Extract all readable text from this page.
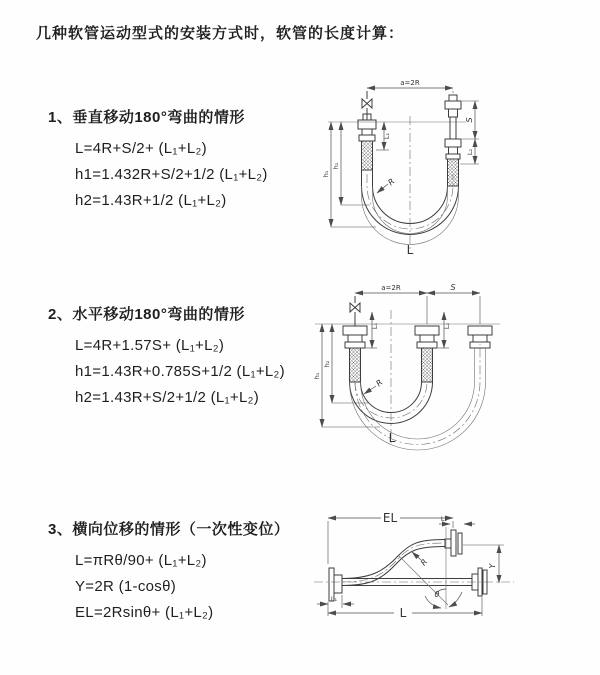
几种软管运动型式的安装方式时，软管的长度计算：

1、垂直移动180°弯曲的情形

L=4R+S/2+ (L₁+L₂)
h1=1.432R+S/2+1/2 (L₁+L₂)
h2=1.43R+1/2 (L₁+L₂)

2、水平移动180°弯曲的情形

L=4R+1.57S+ (L₁+L₂)
h1=1.43R+0.785S+1/2 (L₁+L₂)
h2=1.43R+S/2+1/2 (L₁+L₂)

3、横向位移的情形（一次性变位）

L=πRθ/90+ (L₁+L₂)
Y=2R (1-cosθ)
EL=2Rsinθ+ (L₁+L₂)
a=2R
L₁
S
L₂
h₁
h₂
R
L
a=2R	S
L₁	L₂
h₁
h₂
R
L
EL	L₂
L₁
L
Y
θ
R
